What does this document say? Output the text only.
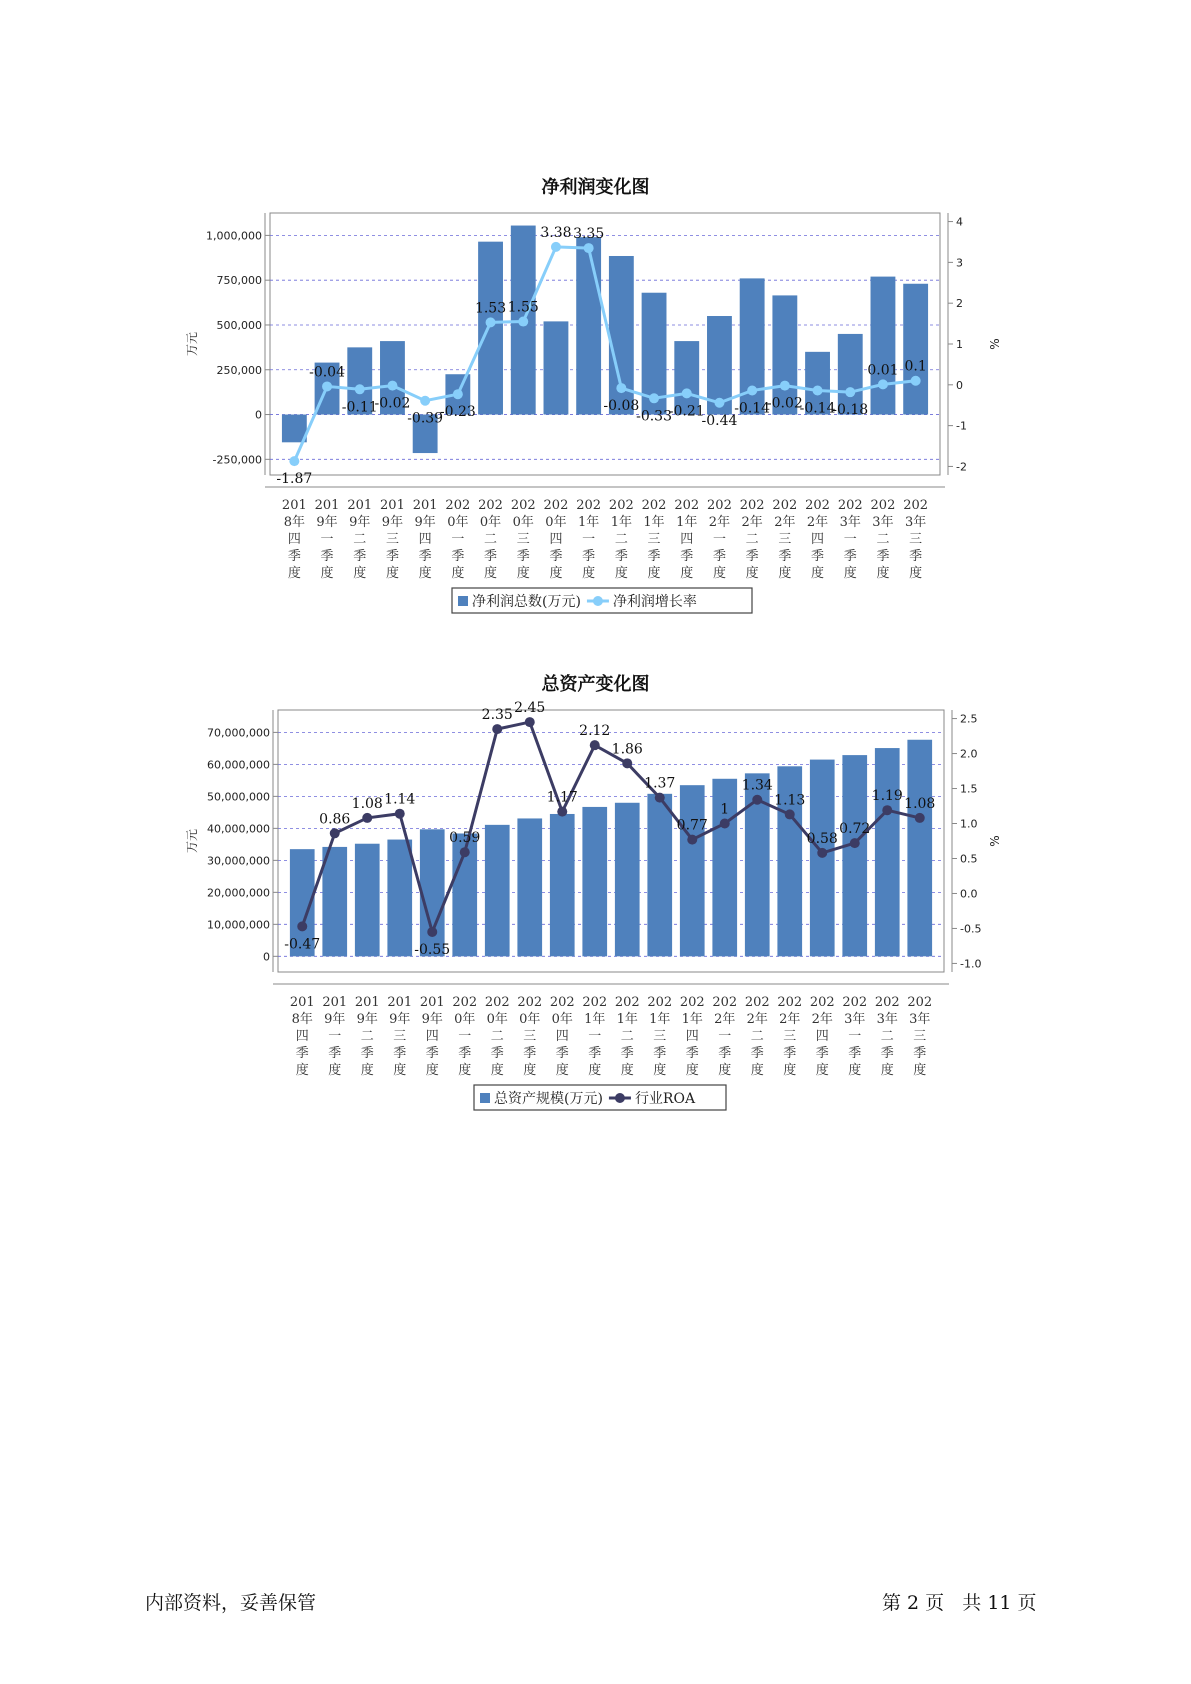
净利润变化图
-250,000
0
250,000
500,000
750,000
1,000,000
万元
-2
-1
0
1
2
3
4
%
201
8年
四
季
度
201
9年
一
季
度
201
9年
二
季
度
201
9年
三
季
度
201
9年
四
季
度
202
0年
一
季
度
202
0年
二
季
度
202
0年
三
季
度
202
0年
四
季
度
202
1年
一
季
度
202
1年
二
季
度
202
1年
三
季
度
202
1年
四
季
度
202
2年
一
季
度
202
2年
二
季
度
202
2年
三
季
度
202
2年
四
季
度
202
3年
一
季
度
202
3年
二
季
度
202
3年
三
季
度
-1.87
-0.04
-0.11
-0.02
-0.39
-0.23
1.53 1.55
3.38 3.35
-0.08
-0.33
-0.21
-0.44
-0.14
-0.02
-0.14
-0.18
0.01 0.1
净利润总数(万元) 净利润增长率
总资产变化图
0
10,000,000
20,000,000
30,000,000
40,000,000
50,000,000
60,000,000
70,000,000
万元
-1.0
-0.5
0.0
0.5
1.0
1.5
2.0
2.5
%
201
8年
四
季
度
201
9年
一
季
度
201
9年
二
季
度
201
9年
三
季
度
201
9年
四
季
度
202
0年
一
季
度
202
0年
二
季
度
202
0年
三
季
度
202
0年
四
季
度
202
1年
一
季
度
202
1年
二
季
度
202
1年
三
季
度
202
1年
四
季
度
202
2年
一
季
度
202
2年
二
季
度
202
2年
三
季
度
202
2年
四
季
度
202
3年
一
季
度
202
3年
二
季
度
202
3年
三
季
度
-0.47
0.86
1.08 1.14
-0.55
0.59
2.35 2.45
1.17
2.12
1.86
1.37
0.77
1
1.34
1.13
0.58
0.72
1.19 1.08
总资产规模(万元) 行业ROA
内部资料，妥善保管	第 2 页   共 11 页
